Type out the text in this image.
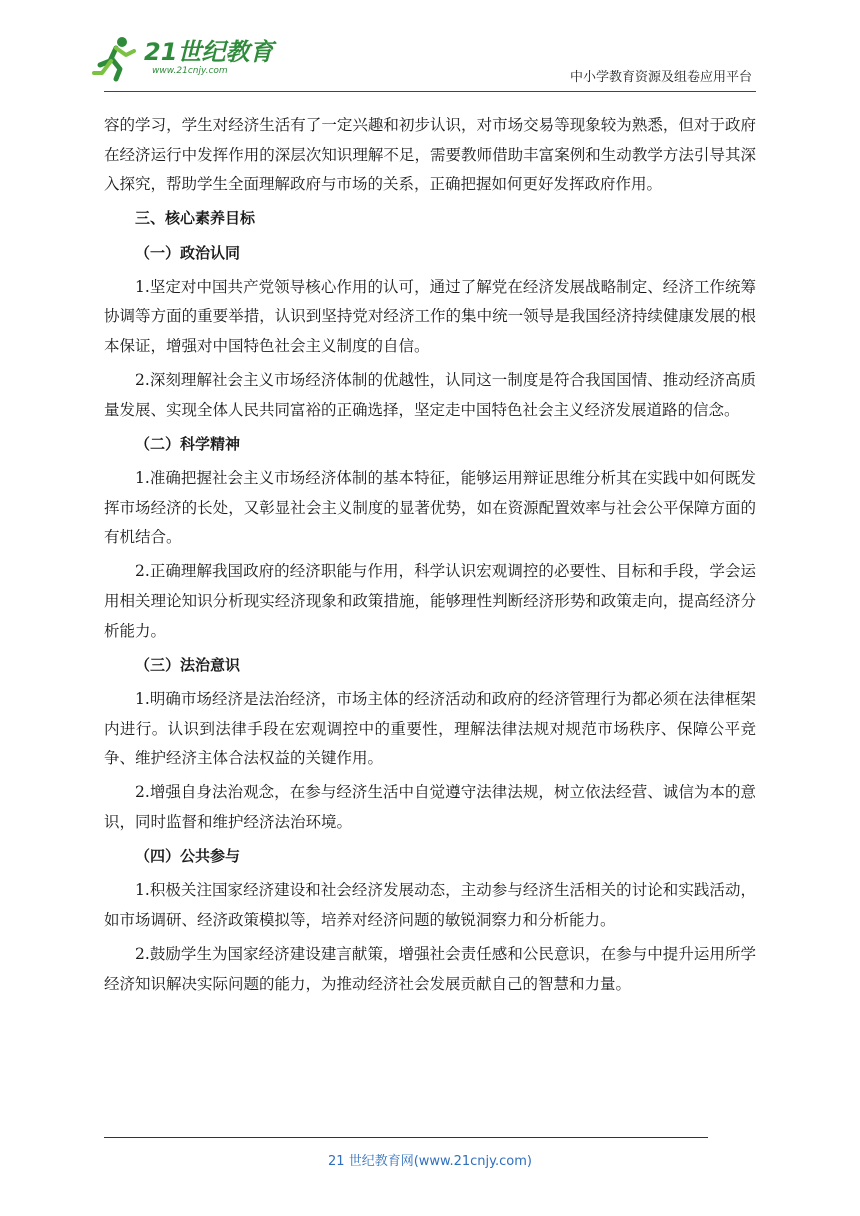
21世纪教育
www.21cnjy.com	中小学教育资源及组卷应用平台

容的学习，学生对经济生活有了一定兴趣和初步认识，对市场交易等现象较为熟悉，但对于政府在经济运行中发挥作用的深层次知识理解不足，需要教师借助丰富案例和生动教学方法引导其深入探究，帮助学生全面理解政府与市场的关系，正确把握如何更好发挥政府作用。

三、核心素养目标

（一）政治认同

1.坚定对中国共产党领导核心作用的认可，通过了解党在经济发展战略制定、经济工作统筹协调等方面的重要举措，认识到坚持党对经济工作的集中统一领导是我国经济持续健康发展的根本保证，增强对中国特色社会主义制度的自信。

2.深刻理解社会主义市场经济体制的优越性，认同这一制度是符合我国国情、推动经济高质量发展、实现全体人民共同富裕的正确选择，坚定走中国特色社会主义经济发展道路的信念。

（二）科学精神

1.准确把握社会主义市场经济体制的基本特征，能够运用辩证思维分析其在实践中如何既发挥市场经济的长处，又彰显社会主义制度的显著优势，如在资源配置效率与社会公平保障方面的有机结合。

2.正确理解我国政府的经济职能与作用，科学认识宏观调控的必要性、目标和手段，学会运用相关理论知识分析现实经济现象和政策措施，能够理性判断经济形势和政策走向，提高经济分析能力。

（三）法治意识

1.明确市场经济是法治经济，市场主体的经济活动和政府的经济管理行为都必须在法律框架内进行。认识到法律手段在宏观调控中的重要性，理解法律法规对规范市场秩序、保障公平竞争、维护经济主体合法权益的关键作用。

2.增强自身法治观念，在参与经济生活中自觉遵守法律法规，树立依法经营、诚信为本的意识，同时监督和维护经济法治环境。

（四）公共参与

1.积极关注国家经济建设和社会经济发展动态，主动参与经济生活相关的讨论和实践活动，如市场调研、经济政策模拟等，培养对经济问题的敏锐洞察力和分析能力。

2.鼓励学生为国家经济建设建言献策，增强社会责任感和公民意识，在参与中提升运用所学经济知识解决实际问题的能力，为推动经济社会发展贡献自己的智慧和力量。

21 世纪教育网(www.21cnjy.com)
